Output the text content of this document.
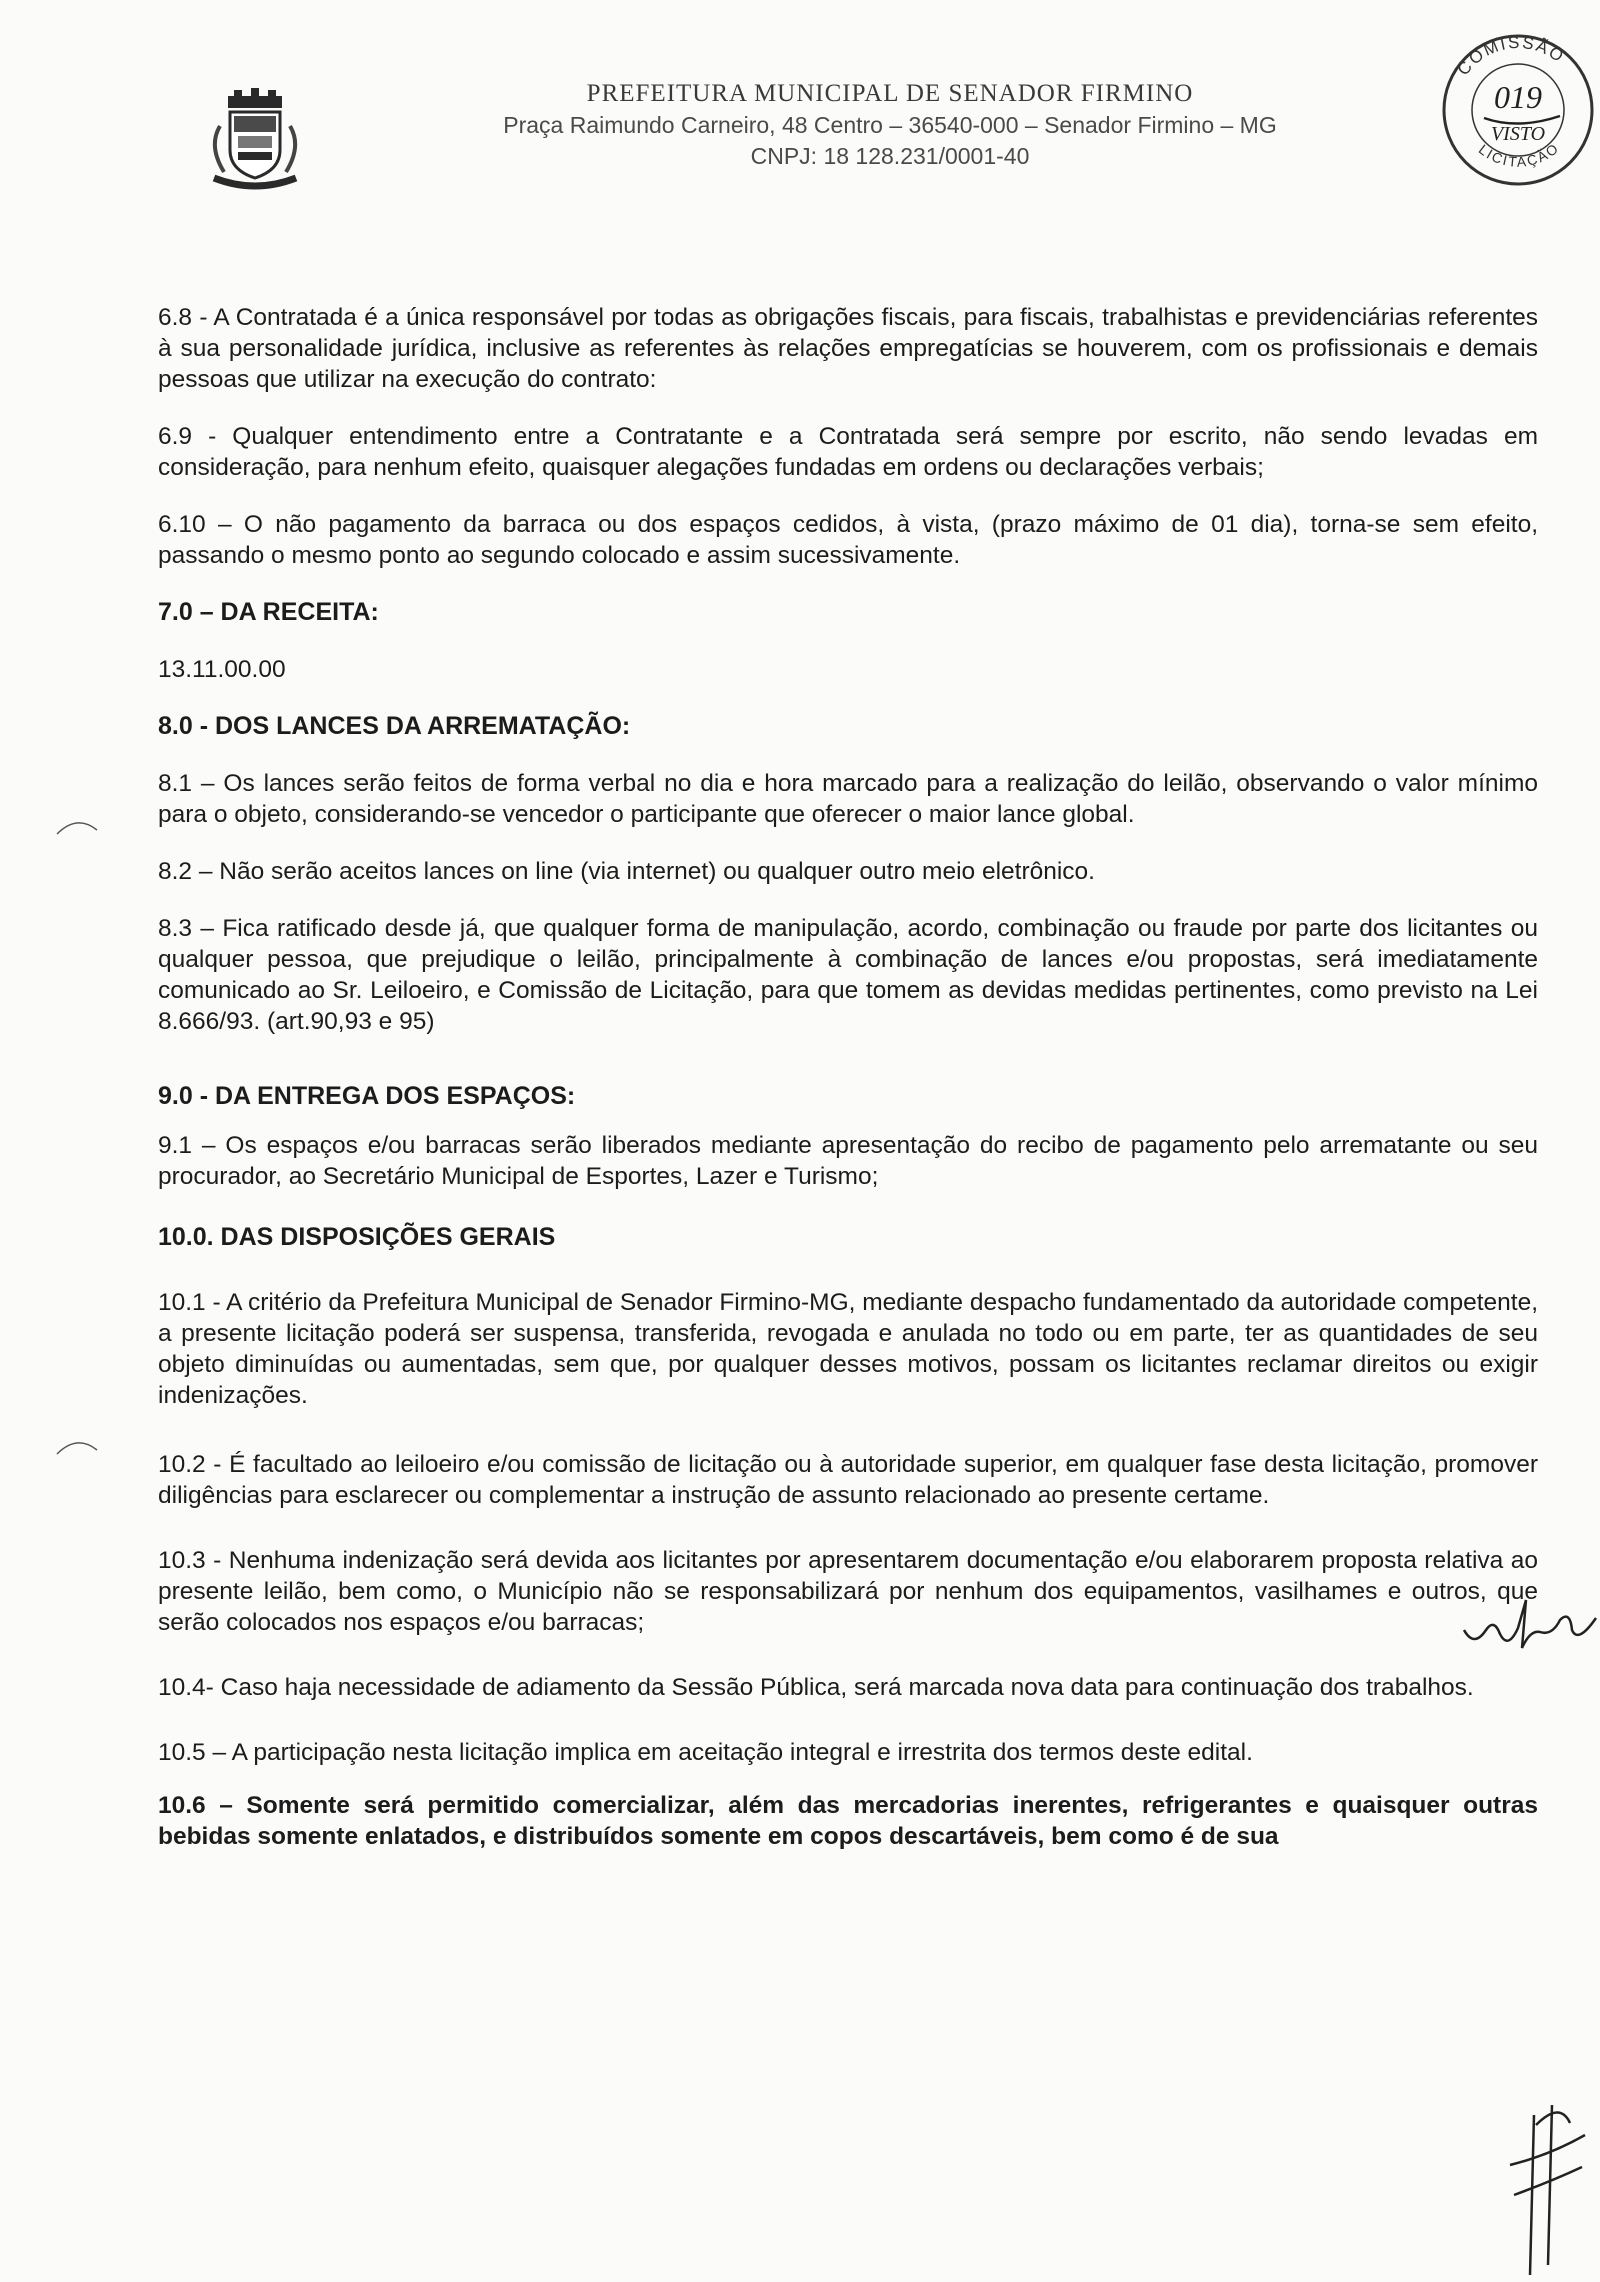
PREFEITURA MUNICIPAL DE SENADOR FIRMINO

Praça Raimundo Carneiro, 48 Centro – 36540-000 – Senador Firmino – MG

CNPJ: 18 128.231/0001-40

COMISSÃO
LICITAÇÃO
019
VISTO

6.8 - A Contratada é a única responsável por todas as obrigações fiscais, para fiscais, trabalhistas e previdenciárias referentes à sua personalidade jurídica, inclusive as referentes às relações empregatícias se houverem, com os profissionais e demais pessoas que utilizar na execução do contrato:

6.9 - Qualquer entendimento entre a Contratante e a Contratada será sempre por escrito, não sendo levadas em consideração, para nenhum efeito, quaisquer alegações fundadas em ordens ou declarações verbais;

6.10 – O não pagamento da barraca ou dos espaços cedidos, à vista, (prazo máximo de 01 dia), torna-se sem efeito, passando o mesmo ponto ao segundo colocado e assim sucessivamente.

7.0 – DA RECEITA:

13.11.00.00

8.0 - DOS LANCES DA ARREMATAÇÃO:

8.1 – Os lances serão feitos de forma verbal no dia e hora marcado para a realização do leilão, observando o valor mínimo para o objeto, considerando-se vencedor o participante que oferecer o maior lance global.

8.2 – Não serão aceitos lances on line (via internet) ou qualquer outro meio eletrônico.

8.3 – Fica ratificado desde já, que qualquer forma de manipulação, acordo, combinação ou fraude por parte dos licitantes ou qualquer pessoa, que prejudique o leilão, principalmente à combinação de lances e/ou propostas, será imediatamente comunicado ao Sr. Leiloeiro, e Comissão de Licitação, para que tomem as devidas medidas pertinentes, como previsto na Lei 8.666/93. (art.90,93 e 95)

9.0 - DA ENTREGA DOS ESPAÇOS:

9.1 – Os espaços e/ou barracas serão liberados mediante apresentação do recibo de pagamento pelo arrematante ou seu procurador, ao Secretário Municipal de Esportes, Lazer e Turismo;

10.0. DAS DISPOSIÇÕES GERAIS

10.1 - A critério da Prefeitura Municipal de Senador Firmino-MG, mediante despacho fundamentado da autoridade competente, a presente licitação poderá ser suspensa, transferida, revogada e anulada no todo ou em parte, ter as quantidades de seu objeto diminuídas ou aumentadas, sem que, por qualquer desses motivos, possam os licitantes reclamar direitos ou exigir indenizações.

10.2 - É facultado ao leiloeiro e/ou comissão de licitação ou à autoridade superior, em qualquer fase desta licitação, promover diligências para esclarecer ou complementar a instrução de assunto relacionado ao presente certame.

10.3 - Nenhuma indenização será devida aos licitantes por apresentarem documentação e/ou elaborarem proposta relativa ao presente leilão, bem como, o Município não se responsabilizará por nenhum dos equipamentos, vasilhames e outros, que serão colocados nos espaços e/ou barracas;

10.4- Caso haja necessidade de adiamento da Sessão Pública, será marcada nova data para continuação dos trabalhos.

10.5 – A participação nesta licitação implica em aceitação integral e irrestrita dos termos deste edital.

10.6 – Somente será permitido comercializar, além das mercadorias inerentes, refrigerantes e quaisquer outras bebidas somente enlatados, e distribuídos somente em copos descartáveis, bem como é de sua
